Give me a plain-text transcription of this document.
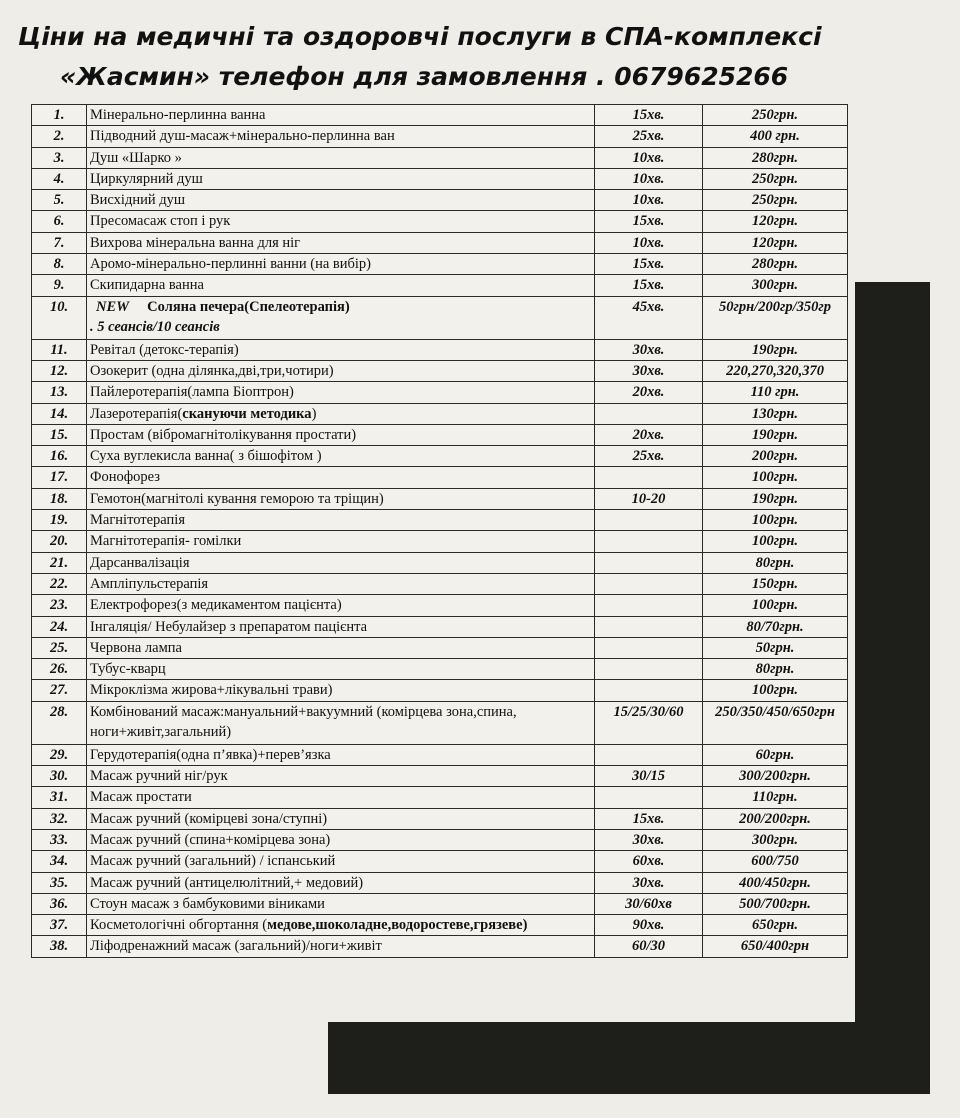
Ціни на медичні та оздоровчі послуги в СПА-комплексі
«Жасмин» телефон для замовлення . 0679625266
1.	Мінерально-перлинна ванна	15хв.	250грн.
2.	Підводний душ-масаж+мінерально-перлинна ван	25хв.	400 грн.
3.	Душ «Шарко »	10хв.	280грн.
4.	Циркулярний душ	10хв.	250грн.
5.	Висхідний душ	10хв.	250грн.
6.	Пресомасаж стоп і рук	15хв.	120грн.
7.	Вихрова мінеральна ванна для ніг	10хв.	120грн.
8.	Аромо-мінерально-перлинні ванни (на вибір)	15хв.	280грн.
9.	Скипидарна ванна	15хв.	300грн.
10.	NEW Соляна печера(Спелеотерапія)
. 5 сеансів/10 сеансів	45хв.	50грн/200гр/350гр
11.	Ревітал (детокс-терапія)	30хв.	190грн.
12.	Озокерит (одна ділянка,дві,три,чотири)	30хв.	220,270,320,370
13.	Пайлеротерапія(лампа Біоптрон)	20хв.	110 грн.
14.	Лазеротерапія(скануючи методика)		130грн.
15.	Простам (вібромагнітолікування простати)	20хв.	190грн.
16.	Суха вуглекисла ванна( з бішофітом )	25хв.	200грн.
17.	Фонофорез		100грн.
18.	Гемотон(магнітолі кування геморою та тріщин)	10-20	190грн.
19.	Магнітотерапія		100грн.
20.	Магнітотерапія- гомілки		100грн.
21.	Дарсанвалізація		80грн.
22.	Ампліпульстерапія		150грн.
23.	Електрофорез(з медикаментом пацієнта)		100грн.
24.	Інгаляція/ Небулайзер з препаратом пацієнта		80/70грн.
25.	Червона лампа		50грн.
26.	Тубус-кварц		80грн.
27.	Мікроклізма жирова+лікувальні трави)		100грн.
28.	Комбінований масаж:мануальний+вакуумний (комірцева зона,спина, ноги+живіт,загальний)	15/25/30/60	250/350/450/650грн
29.	Герудотерапія(одна п’явка)+перев’язка		60грн.
30.	Масаж ручний ніг/рук	30/15	300/200грн.
31.	Масаж простати		110грн.
32.	Масаж ручний (комірцеві зона/ступні)	15хв.	200/200грн.
33.	Масаж ручний (спина+комірцева зона)	30хв.	300грн.
34.	Масаж ручний (загальний) / іспанський	60хв.	600/750
35.	Масаж ручний (антицелюлітний,+ медовий)	30хв.	400/450грн.
36.	Стоун масаж з бамбуковими віниками	30/60хв	500/700грн.
37.	Косметологічні обгортання (медове,шоколадне,водоростеве,грязеве)	90хв.	650грн.
38.	Ліфодренажний масаж (загальний)/ноги+живіт	60/30	650/400грн
